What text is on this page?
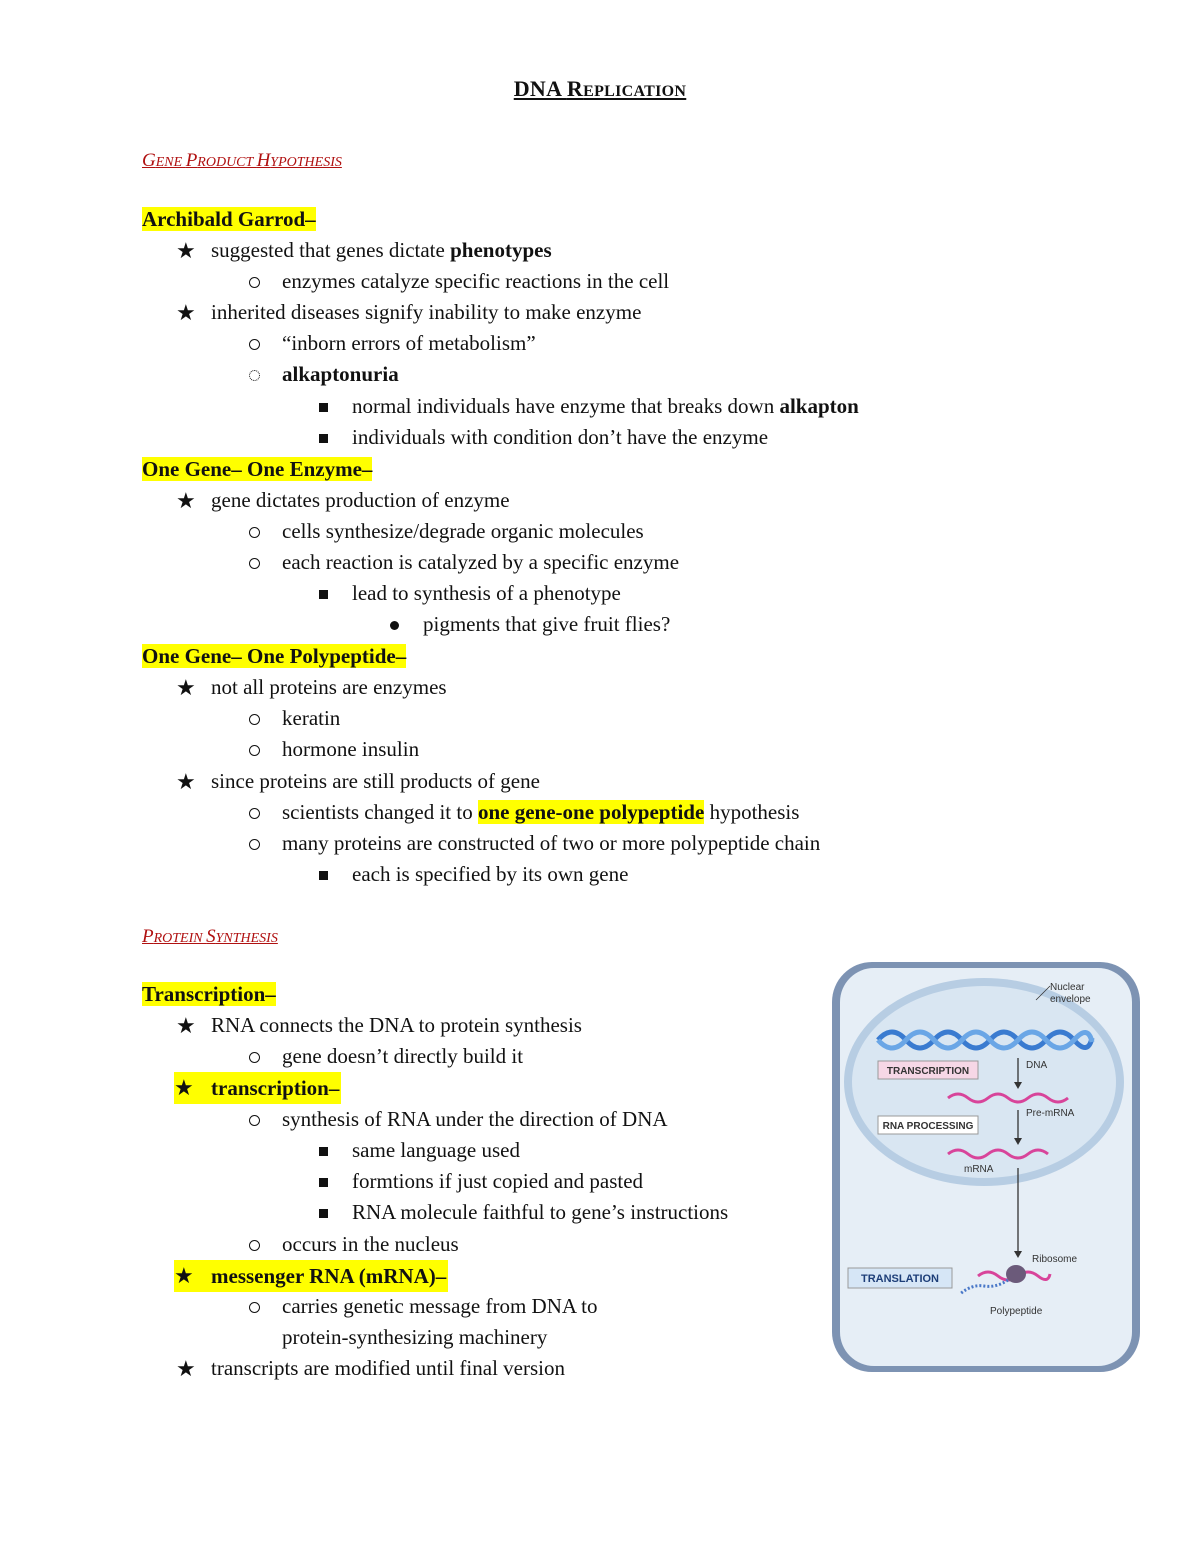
DNA REPLICATION
GENE PRODUCT HYPOTHESIS
Archibald Garrod–
★ suggested that genes dictate phenotypes
enzymes catalyze specific reactions in the cell
★ inherited diseases signify inability to make enzyme
“inborn errors of metabolism”
alkaptonuria
normal individuals have enzyme that breaks down alkapton
individuals with condition don’t have the enzyme
One Gene– One Enzyme–
★ gene dictates production of enzyme
cells synthesize/degrade organic molecules
each reaction is catalyzed by a specific enzyme
lead to synthesis of a phenotype
pigments that give fruit flies?
One Gene– One Polypeptide–
★ not all proteins are enzymes
keratin
hormone insulin
★ since proteins are still products of gene
scientists changed it to one gene-one polypeptide hypothesis
many proteins are constructed of two or more polypeptide chain
each is specified by its own gene
PROTEIN SYNTHESIS
Transcription–
★ RNA connects the DNA to protein synthesis
gene doesn’t directly build it
★ transcription–
synthesis of RNA under the direction of DNA
same language used
formtions if just copied and pasted
RNA molecule faithful to gene’s instructions
occurs in the nucleus
★ messenger RNA (mRNA)–
carries genetic message from DNA to
protein-synthesizing machinery
★ transcripts are modified until final version
TRANSCRIPTION
RNA PROCESSING
TRANSLATION
Nuclear
envelope
DNA
Pre-mRNA
mRNA
Ribosome
Polypeptide
